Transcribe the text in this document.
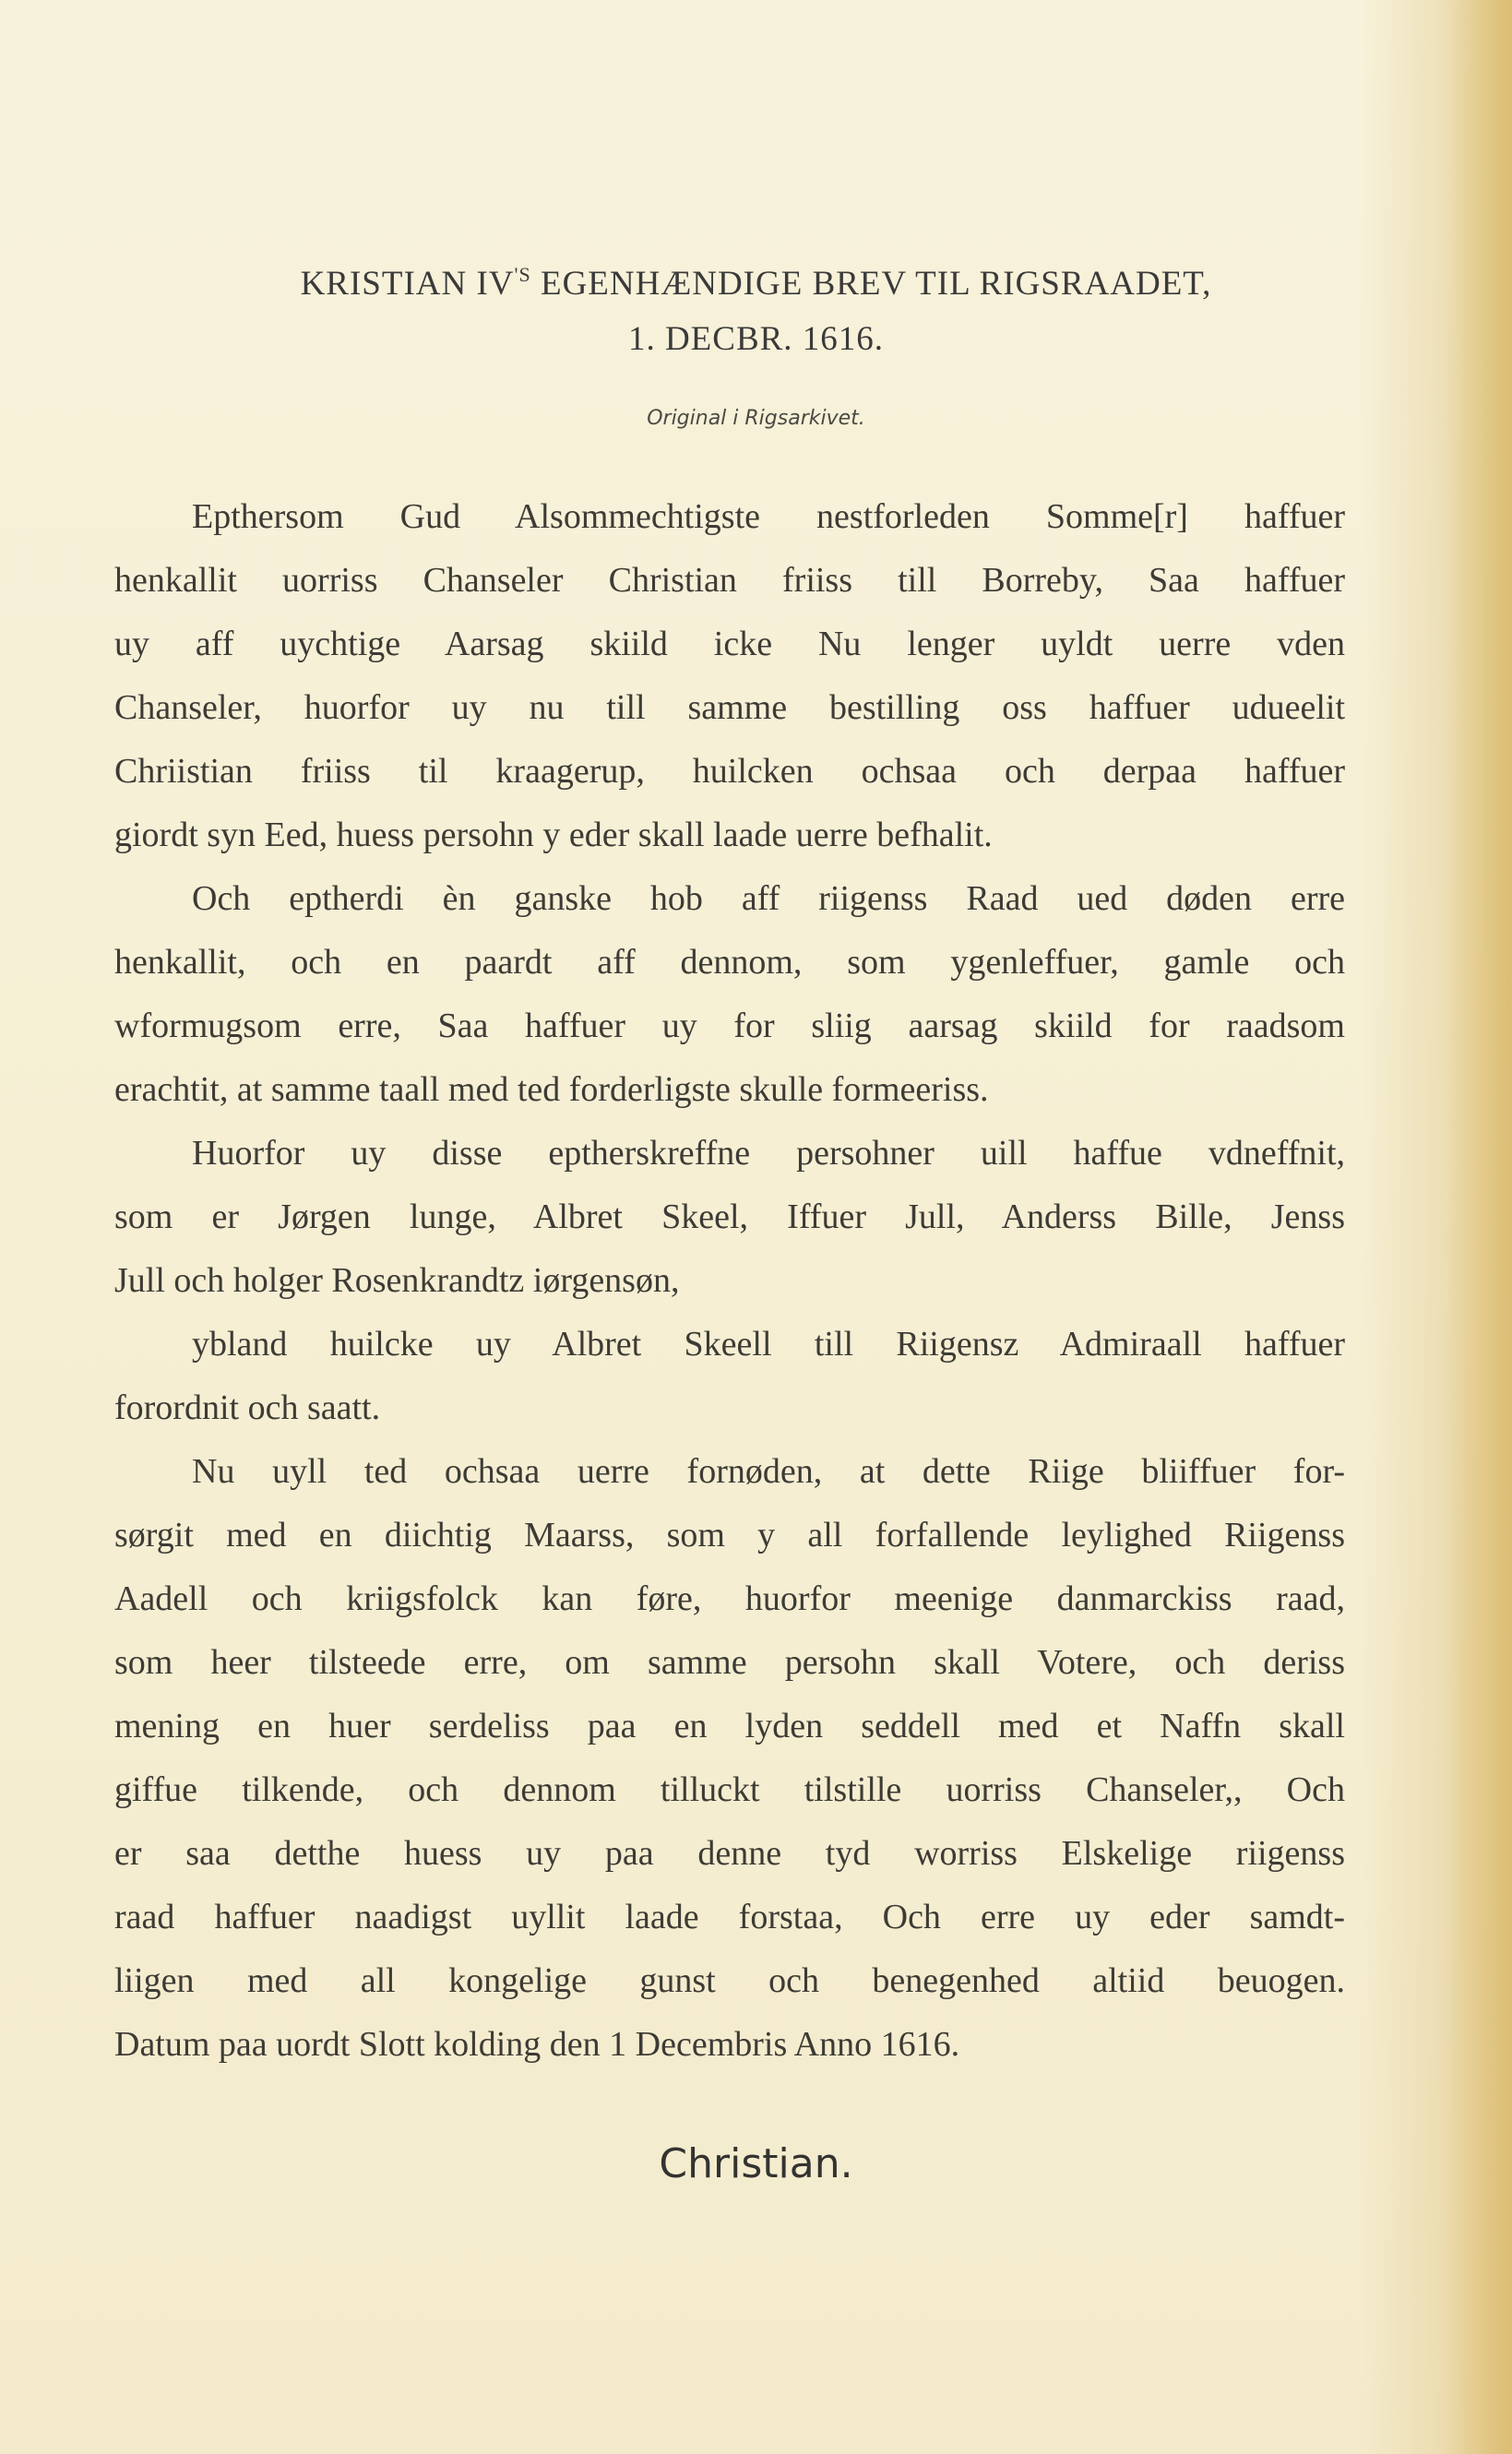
KRISTIAN $IV^{'S}$ EGENHÆNDIGE BREV TIL RIGSRAADET,
1. DECBR. 1616.
Original i Rigsarkivet.
Epthersom Gud Alsommechtigste nestforleden Somme[r] haffuer
henkallit uorriss Chanseler Christian friiss till Borreby, Saa haffuer
uy aff uychtige Aarsag skiild icke Nu lenger uyldt uerre vden
Chanseler, huorfor uy nu till samme bestilling oss haffuer udueelit
Chriistian friiss til kraagerup, huilcken ochsaa och derpaa haffuer
giordt syn Eed, huess persohn y eder skall laade uerre befhalit.
Och eptherdi èn ganske hob aff riigenss Raad ued døden erre
henkallit, och en paardt aff dennom, som ygenleffuer, gamle och
wformugsom erre, Saa haffuer uy for sliig aarsag skiild for raadsom
erachtit, at samme taall med ted forderligste skulle formeeriss.
Huorfor uy disse eptherskreffne persohner uill haffue vdneffnit,
som er Jørgen lunge, Albret Skeel, Iffuer Jull, Anderss Bille, Jenss
Jull och holger Rosenkrandtz iørgensøn,
ybland huilcke uy Albret Skeell till Riigensz Admiraall haffuer
forordnit och saatt.
Nu uyll ted ochsaa uerre fornøden, at dette Riige bliiffuer for-
sørgit med en diichtig Maarss, som y all forfallende leylighed Riigenss
Aadell och kriigsfolck kan føre, huorfor meenige danmarckiss raad,
som heer tilsteede erre, om samme persohn skall Votere, och deriss
mening en huer serdeliss paa en lyden seddell med et Naffn skall
giffue tilkende, och dennom tilluckt tilstille uorriss Chanseler,, Och
er saa detthe huess uy paa denne tyd worriss Elskelige riigenss
raad haffuer naadigst uyllit laade forstaa, Och erre uy eder samdt-
liigen med all kongelige gunst och benegenhed altiid beuogen.
Datum paa uordt Slott kolding den 1 Decembris Anno 1616.
Christian.
